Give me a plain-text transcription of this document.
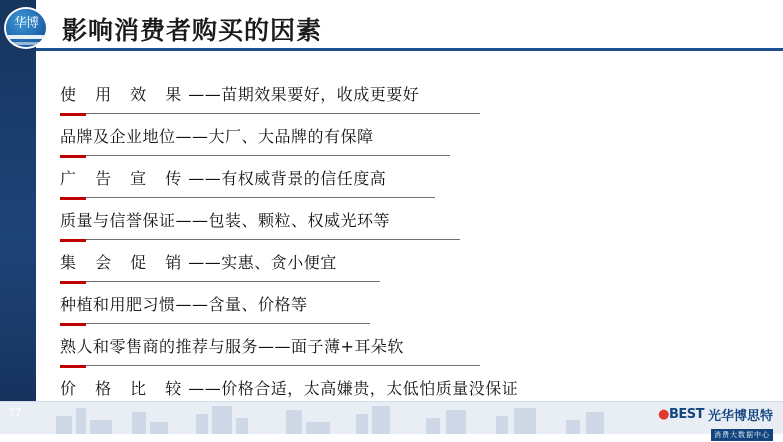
华博 影响消费者购买的因素
使 用 效 果——苗期效果要好，收成更要好
品牌及企业地位——大厂、大品牌的有保障
广 告 宣 传——有权威背景的信任度高
质量与信誉保证——包装、颗粒、权威光环等
集 会 促 销——实惠、贪小便宜
种植和用肥习惯——含量、价格等
熟人和零售商的推荐与服务——面子薄+耳朵软
价 格 比 较——价格合适，太高嫌贵，太低怕质量没保证
77	●BEST 光华博思特
消费大数据中心
